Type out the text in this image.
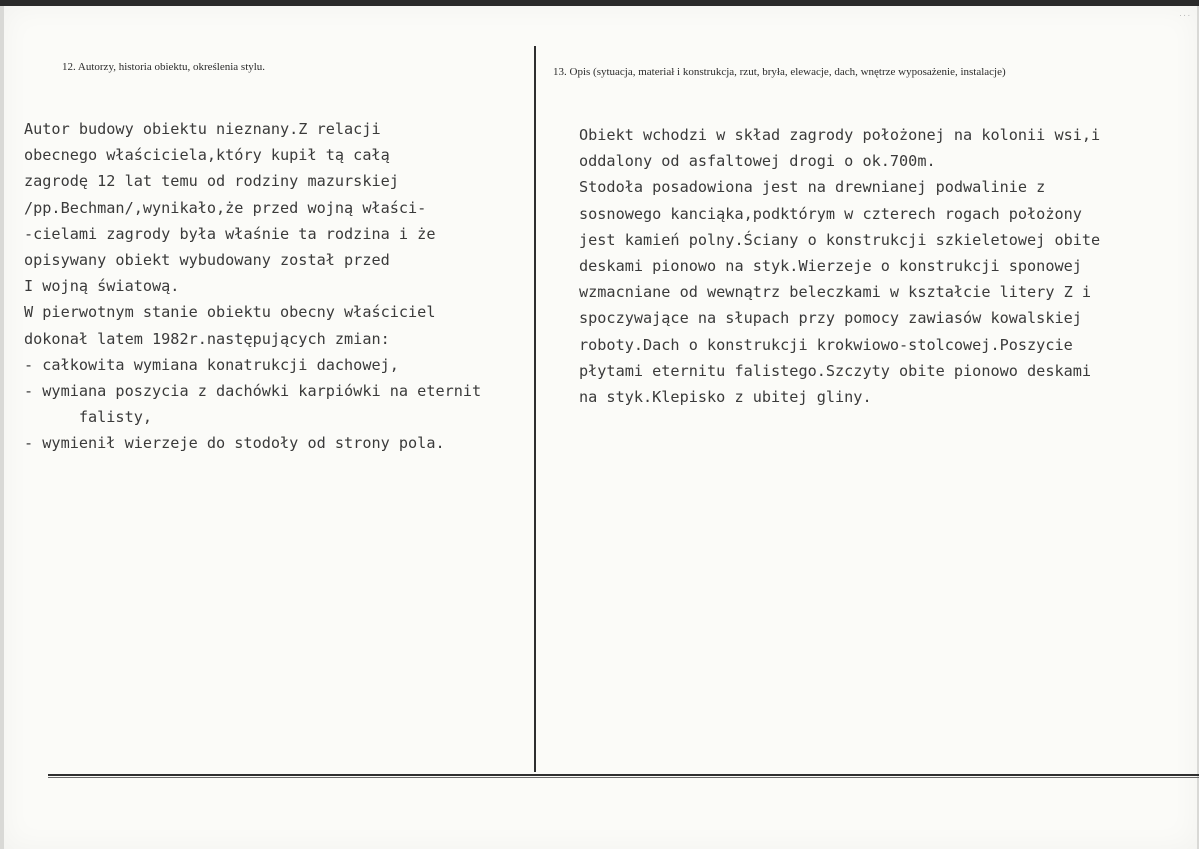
...
12. Autorzy, historia obiektu, określenia stylu.	13. Opis (sytuacja, materiał i konstrukcja, rzut, bryła, elewacje, dach, wnętrze wyposażenie, instalacje)
Autor budowy obiektu nieznany.Z relacji
obecnego właściciela,który kupił tą całą
zagrodę 12 lat temu od rodziny mazurskiej
/pp.Bechman/,wynikało,że przed wojną właści-
-cielami zagrody była właśnie ta rodzina i że
opisywany obiekt wybudowany został przed
I wojną światową.
W pierwotnym stanie obiektu obecny właściciel
dokonał latem 1982r.następujących zmian:
- całkowita wymiana konatrukcji dachowej,
- wymiana poszycia z dachówki karpiówki na eternit
falisty,
- wymienił wierzeje do stodoły od strony pola.
Obiekt wchodzi w skład zagrody położonej na kolonii wsi,i
oddalony od asfaltowej drogi o ok.700m.
Stodoła posadowiona jest na drewnianej podwalinie z
sosnowego kanciąka,podktórym w czterech rogach położony
jest kamień polny.Ściany o konstrukcji szkieletowej obite
deskami pionowo na styk.Wierzeje o konstrukcji sponowej
wzmacniane od wewnątrz beleczkami w kształcie litery Z i
spoczywające na słupach przy pomocy zawiasów kowalskiej
roboty.Dach o konstrukcji krokwiowo-stolcowej.Poszycie
płytami eternitu falistego.Szczyty obite pionowo deskami
na styk.Klepisko z ubitej gliny.
